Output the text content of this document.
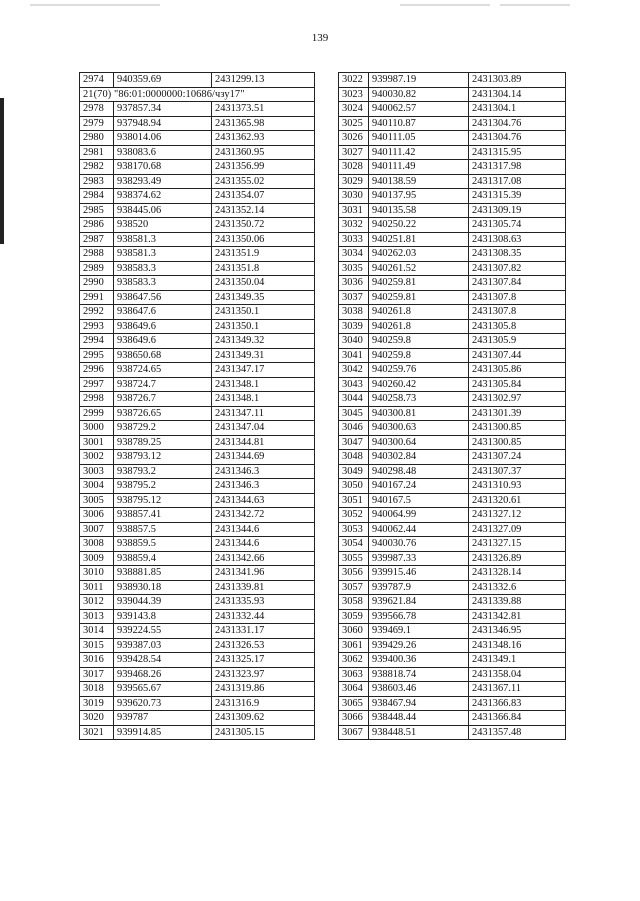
139
2974	940359.69	2431299.13
21(70) "86:01:0000000:10686/чзу17"		
2978	937857.34	2431373.51
2979	937948.94	2431365.98
2980	938014.06	2431362.93
2981	938083.6	2431360.95
2982	938170.68	2431356.99
2983	938293.49	2431355.02
2984	938374.62	2431354.07
2985	938445.06	2431352.14
2986	938520	2431350.72
2987	938581.3	2431350.06
2988	938581.3	2431351.9
2989	938583.3	2431351.8
2990	938583.3	2431350.04
2991	938647.56	2431349.35
2992	938647.6	2431350.1
2993	938649.6	2431350.1
2994	938649.6	2431349.32
2995	938650.68	2431349.31
2996	938724.65	2431347.17
2997	938724.7	2431348.1
2998	938726.7	2431348.1
2999	938726.65	2431347.11
3000	938729.2	2431347.04
3001	938789.25	2431344.81
3002	938793.12	2431344.69
3003	938793.2	2431346.3
3004	938795.2	2431346.3
3005	938795.12	2431344.63
3006	938857.41	2431342.72
3007	938857.5	2431344.6
3008	938859.5	2431344.6
3009	938859.4	2431342.66
3010	938881.85	2431341.96
3011	938930.18	2431339.81
3012	939044.39	2431335.93
3013	939143.8	2431332.44
3014	939224.55	2431331.17
3015	939387.03	2431326.53
3016	939428.54	2431325.17
3017	939468.26	2431323.97
3018	939565.67	2431319.86
3019	939620.73	2431316.9
3020	939787	2431309.62
3021	939914.85	2431305.15
3022	939987.19	2431303.89
3023	940030.82	2431304.14
3024	940062.57	2431304.1
3025	940110.87	2431304.76
3026	940111.05	2431304.76
3027	940111.42	2431315.95
3028	940111.49	2431317.98
3029	940138.59	2431317.08
3030	940137.95	2431315.39
3031	940135.58	2431309.19
3032	940250.22	2431305.74
3033	940251.81	2431308.63
3034	940262.03	2431308.35
3035	940261.52	2431307.82
3036	940259.81	2431307.84
3037	940259.81	2431307.8
3038	940261.8	2431307.8
3039	940261.8	2431305.8
3040	940259.8	2431305.9
3041	940259.8	2431307.44
3042	940259.76	2431305.86
3043	940260.42	2431305.84
3044	940258.73	2431302.97
3045	940300.81	2431301.39
3046	940300.63	2431300.85
3047	940300.64	2431300.85
3048	940302.84	2431307.24
3049	940298.48	2431307.37
3050	940167.24	2431310.93
3051	940167.5	2431320.61
3052	940064.99	2431327.12
3053	940062.44	2431327.09
3054	940030.76	2431327.15
3055	939987.33	2431326.89
3056	939915.46	2431328.14
3057	939787.9	2431332.6
3058	939621.84	2431339.88
3059	939566.78	2431342.81
3060	939469.1	2431346.95
3061	939429.26	2431348.16
3062	939400.36	2431349.1
3063	938818.74	2431358.04
3064	938603.46	2431367.11
3065	938467.94	2431366.83
3066	938448.44	2431366.84
3067	938448.51	2431357.48
